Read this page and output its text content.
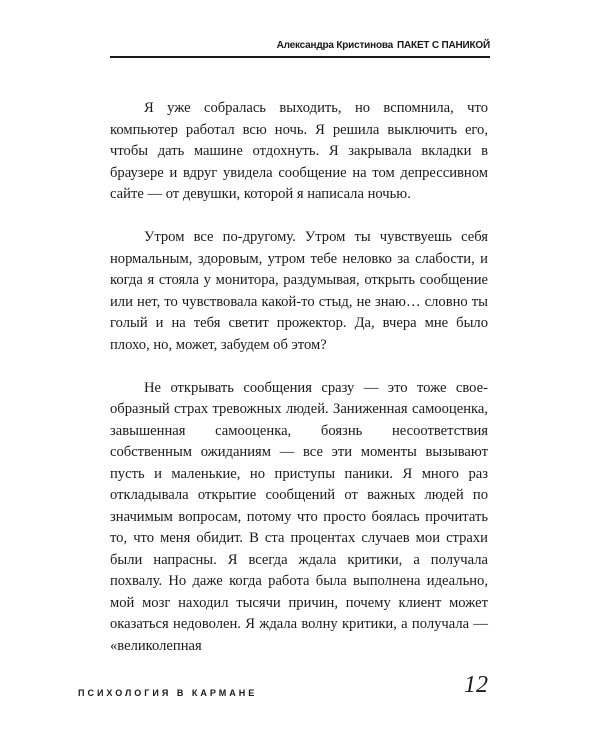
Александра Кристинова ПАКЕТ С ПАНИКОЙ

Я уже собралась выходить, но вспомнила, что компьютер работал всю ночь. Я решила выключить его, чтобы дать машине отдохнуть. Я закрывала вкладки в браузере и вдруг увидела сообщение на том депрессивном сайте — от девушки, которой я написала ночью.

Утром все по-другому. Утром ты чувствуешь себя нормальным, здоровым, утром тебе неловко за слабости, и когда я стояла у монитора, раздумывая, открыть сообщение или нет, то чувствовала какой-то стыд, не знаю… словно ты голый и на тебя светит прожектор. Да, вчера мне было плохо, но, может, забудем об этом?

Не открывать сообщения сразу — это тоже своеобразный страх тревожных людей. Заниженная самооценка, завышенная самооценка, боязнь несоответствия собственным ожиданиям — все эти моменты вызывают пусть и маленькие, но приступы паники. Я много раз откладывала открытие сообщений от важных людей по значимым вопросам, потому что просто боялась прочитать то, что меня обидит. В ста процентах случаев мои страхи были напрасны. Я всегда ждала критики, а получала похвалу. Но даже когда работа была выполнена идеально, мой мозг находил тысячи причин, почему клиент может оказаться недоволен. Я ждала волну критики, а получала — «великолепная

ПСИХОЛОГИЯ В КАРМАНЕ	12
